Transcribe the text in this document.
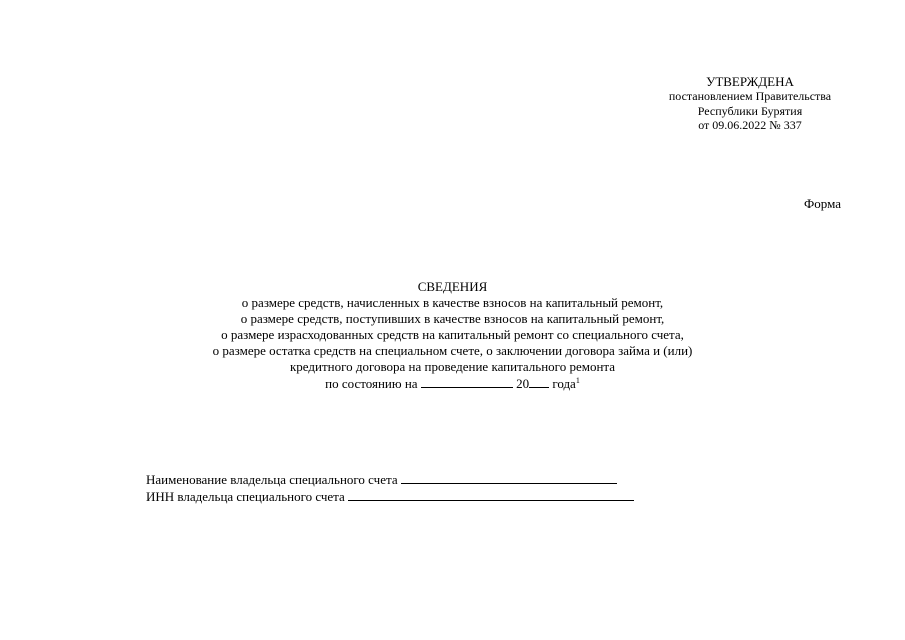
УТВЕРЖДЕНА
постановлением Правительства
Республики Бурятия
от 09.06.2022 № 337
Форма
СВЕДЕНИЯ
о размере средств, начисленных в качестве взносов на капитальный ремонт,
о размере средств, поступивших в качестве взносов на капитальный ремонт,
о размере израсходованных средств на капитальный ремонт со специального счета,
о размере остатка средств на специальном счете, о заключении договора займа и (или)
кредитного договора на проведение капитального ремонта
по состоянию на	20 года$^1$
Наименование владельца специального счета
ИНН владельца специального счета
